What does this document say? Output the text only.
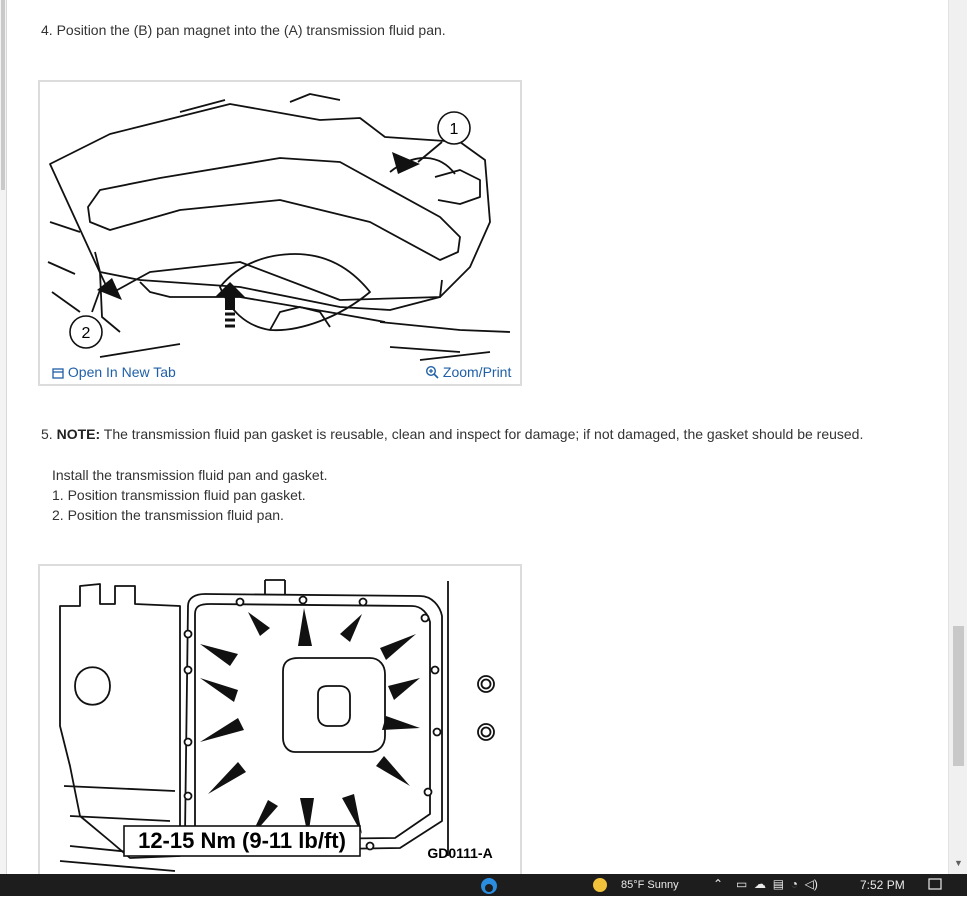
4. Position the (B) pan magnet into the (A) transmission fluid pan.
1
2
Open In New Tab	Zoom/Print
5. NOTE: The transmission fluid pan gasket is reusable, clean and inspect for damage; if not damaged, the gasket should be reused.
Install the transmission fluid pan and gasket.
1. Position transmission fluid pan gasket.
2. Position the transmission fluid pan.
12-15 Nm (9-11 lb/ft)	GD0111-A
▼
85°F Sunny	⌃ ▭ ☁ ▤ ◔ ◁)	7:52 PM
